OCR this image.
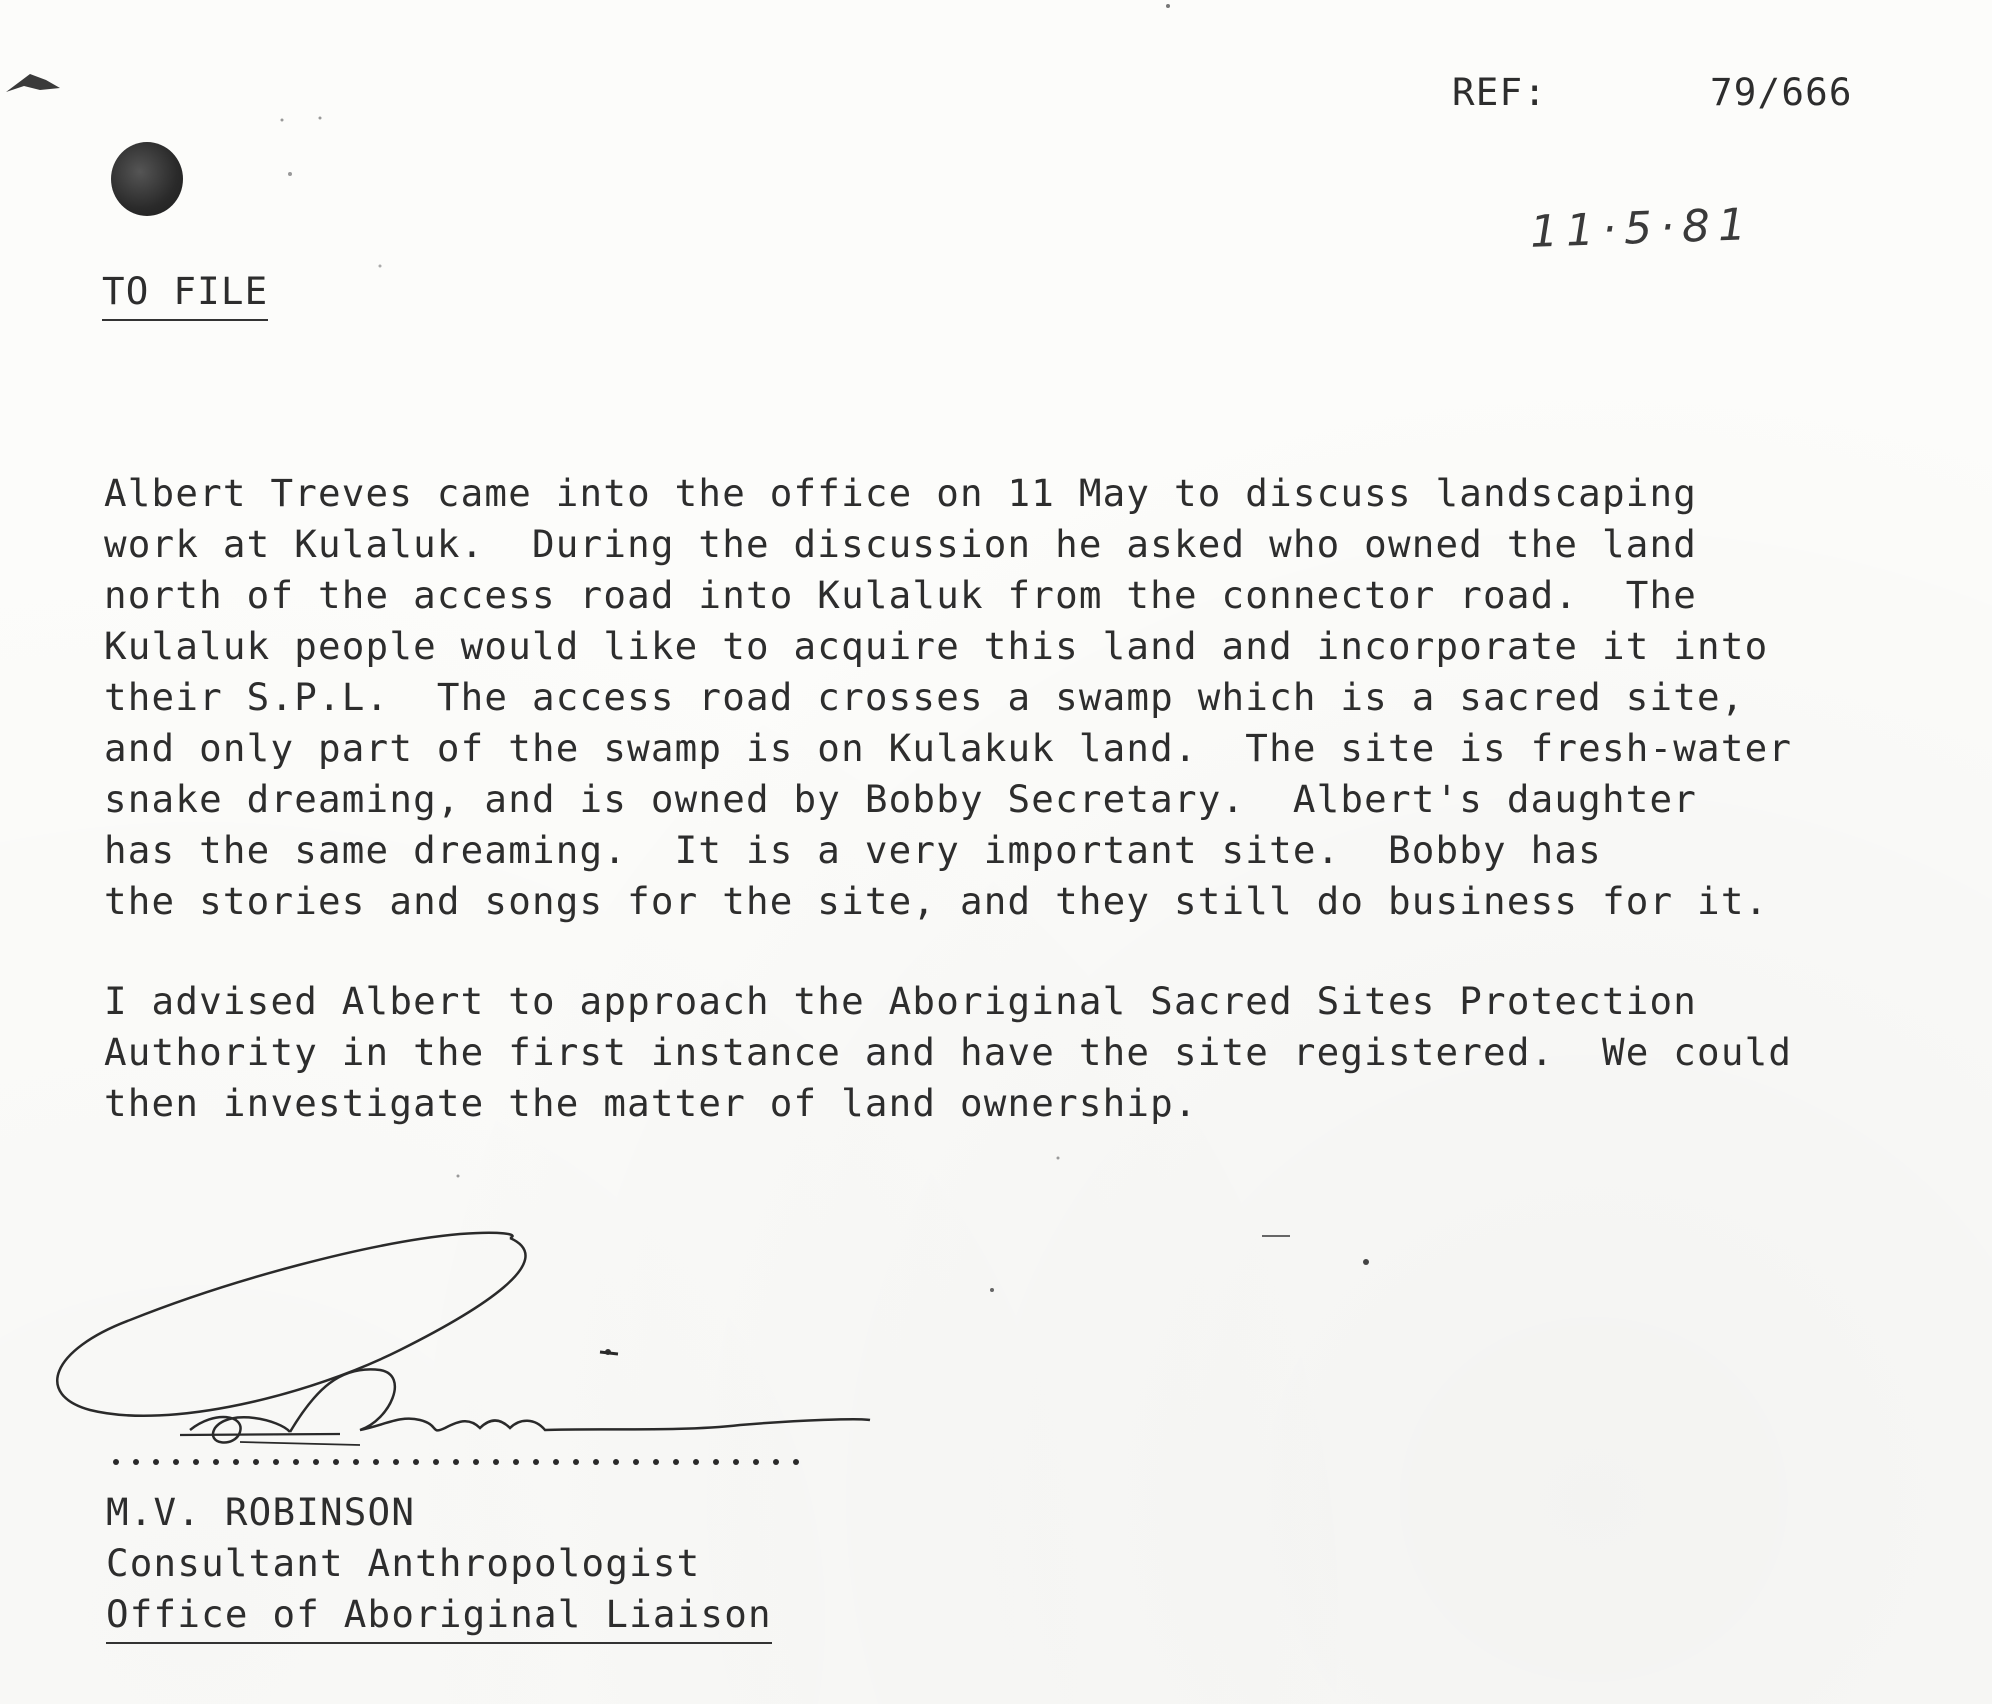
REF:	79/666
11·5·81
TO FILE
Albert Treves came into the office on 11 May to discuss landscaping
work at Kulaluk.  During the discussion he asked who owned the land
north of the access road into Kulaluk from the connector road.  The
Kulaluk people would like to acquire this land and incorporate it into
their S.P.L.  The access road crosses a swamp which is a sacred site,
and only part of the swamp is on Kulakuk land.  The site is fresh-water
snake dreaming, and is owned by Bobby Secretary.  Albert's daughter
has the same dreaming.  It is a very important site.  Bobby has
the stories and songs for the site, and they still do business for it.
I advised Albert to approach the Aboriginal Sacred Sites Protection
Authority in the first instance and have the site registered.  We could
then investigate the matter of land ownership.
M.V. ROBINSON
Consultant Anthropologist
Office of Aboriginal Liaison
